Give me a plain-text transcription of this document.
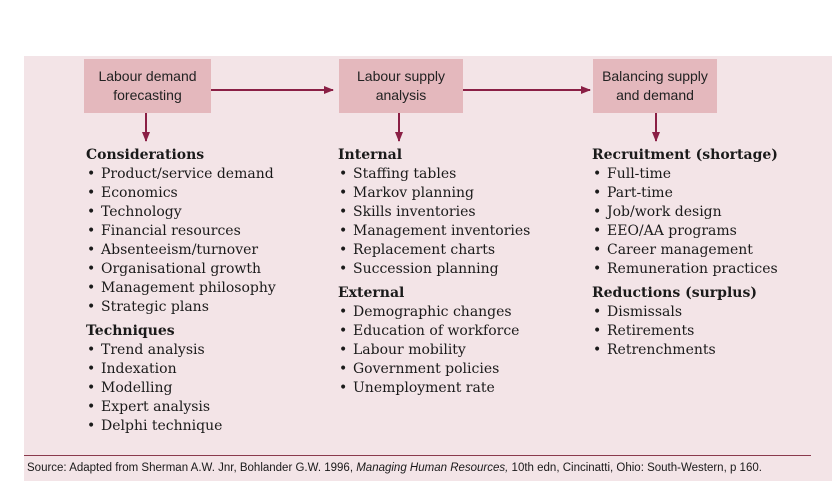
Labour demand
forecasting
Labour supply
analysis
Balancing supply
and demand
Considerations
• Product/service demand
• Economics
• Technology
• Financial resources
• Absenteeism/turnover
• Organisational growth
• Management philosophy
• Strategic plans
Techniques
• Trend analysis
• Indexation
• Modelling
• Expert analysis
• Delphi technique
Internal
• Staffing tables
• Markov planning
• Skills inventories
• Management inventories
• Replacement charts
• Succession planning
External
• Demographic changes
• Education of workforce
• Labour mobility
• Government policies
• Unemployment rate
Recruitment (shortage)
• Full-time
• Part-time
• Job/work design
• EEO/AA programs
• Career management
• Remuneration practices
Reductions (surplus)
• Dismissals
• Retirements
• Retrenchments
Source: Adapted from Sherman A.W. Jnr, Bohlander G.W. 1996, Managing Human Resources, 10th edn, Cincinatti, Ohio: South-Western, p 160.
